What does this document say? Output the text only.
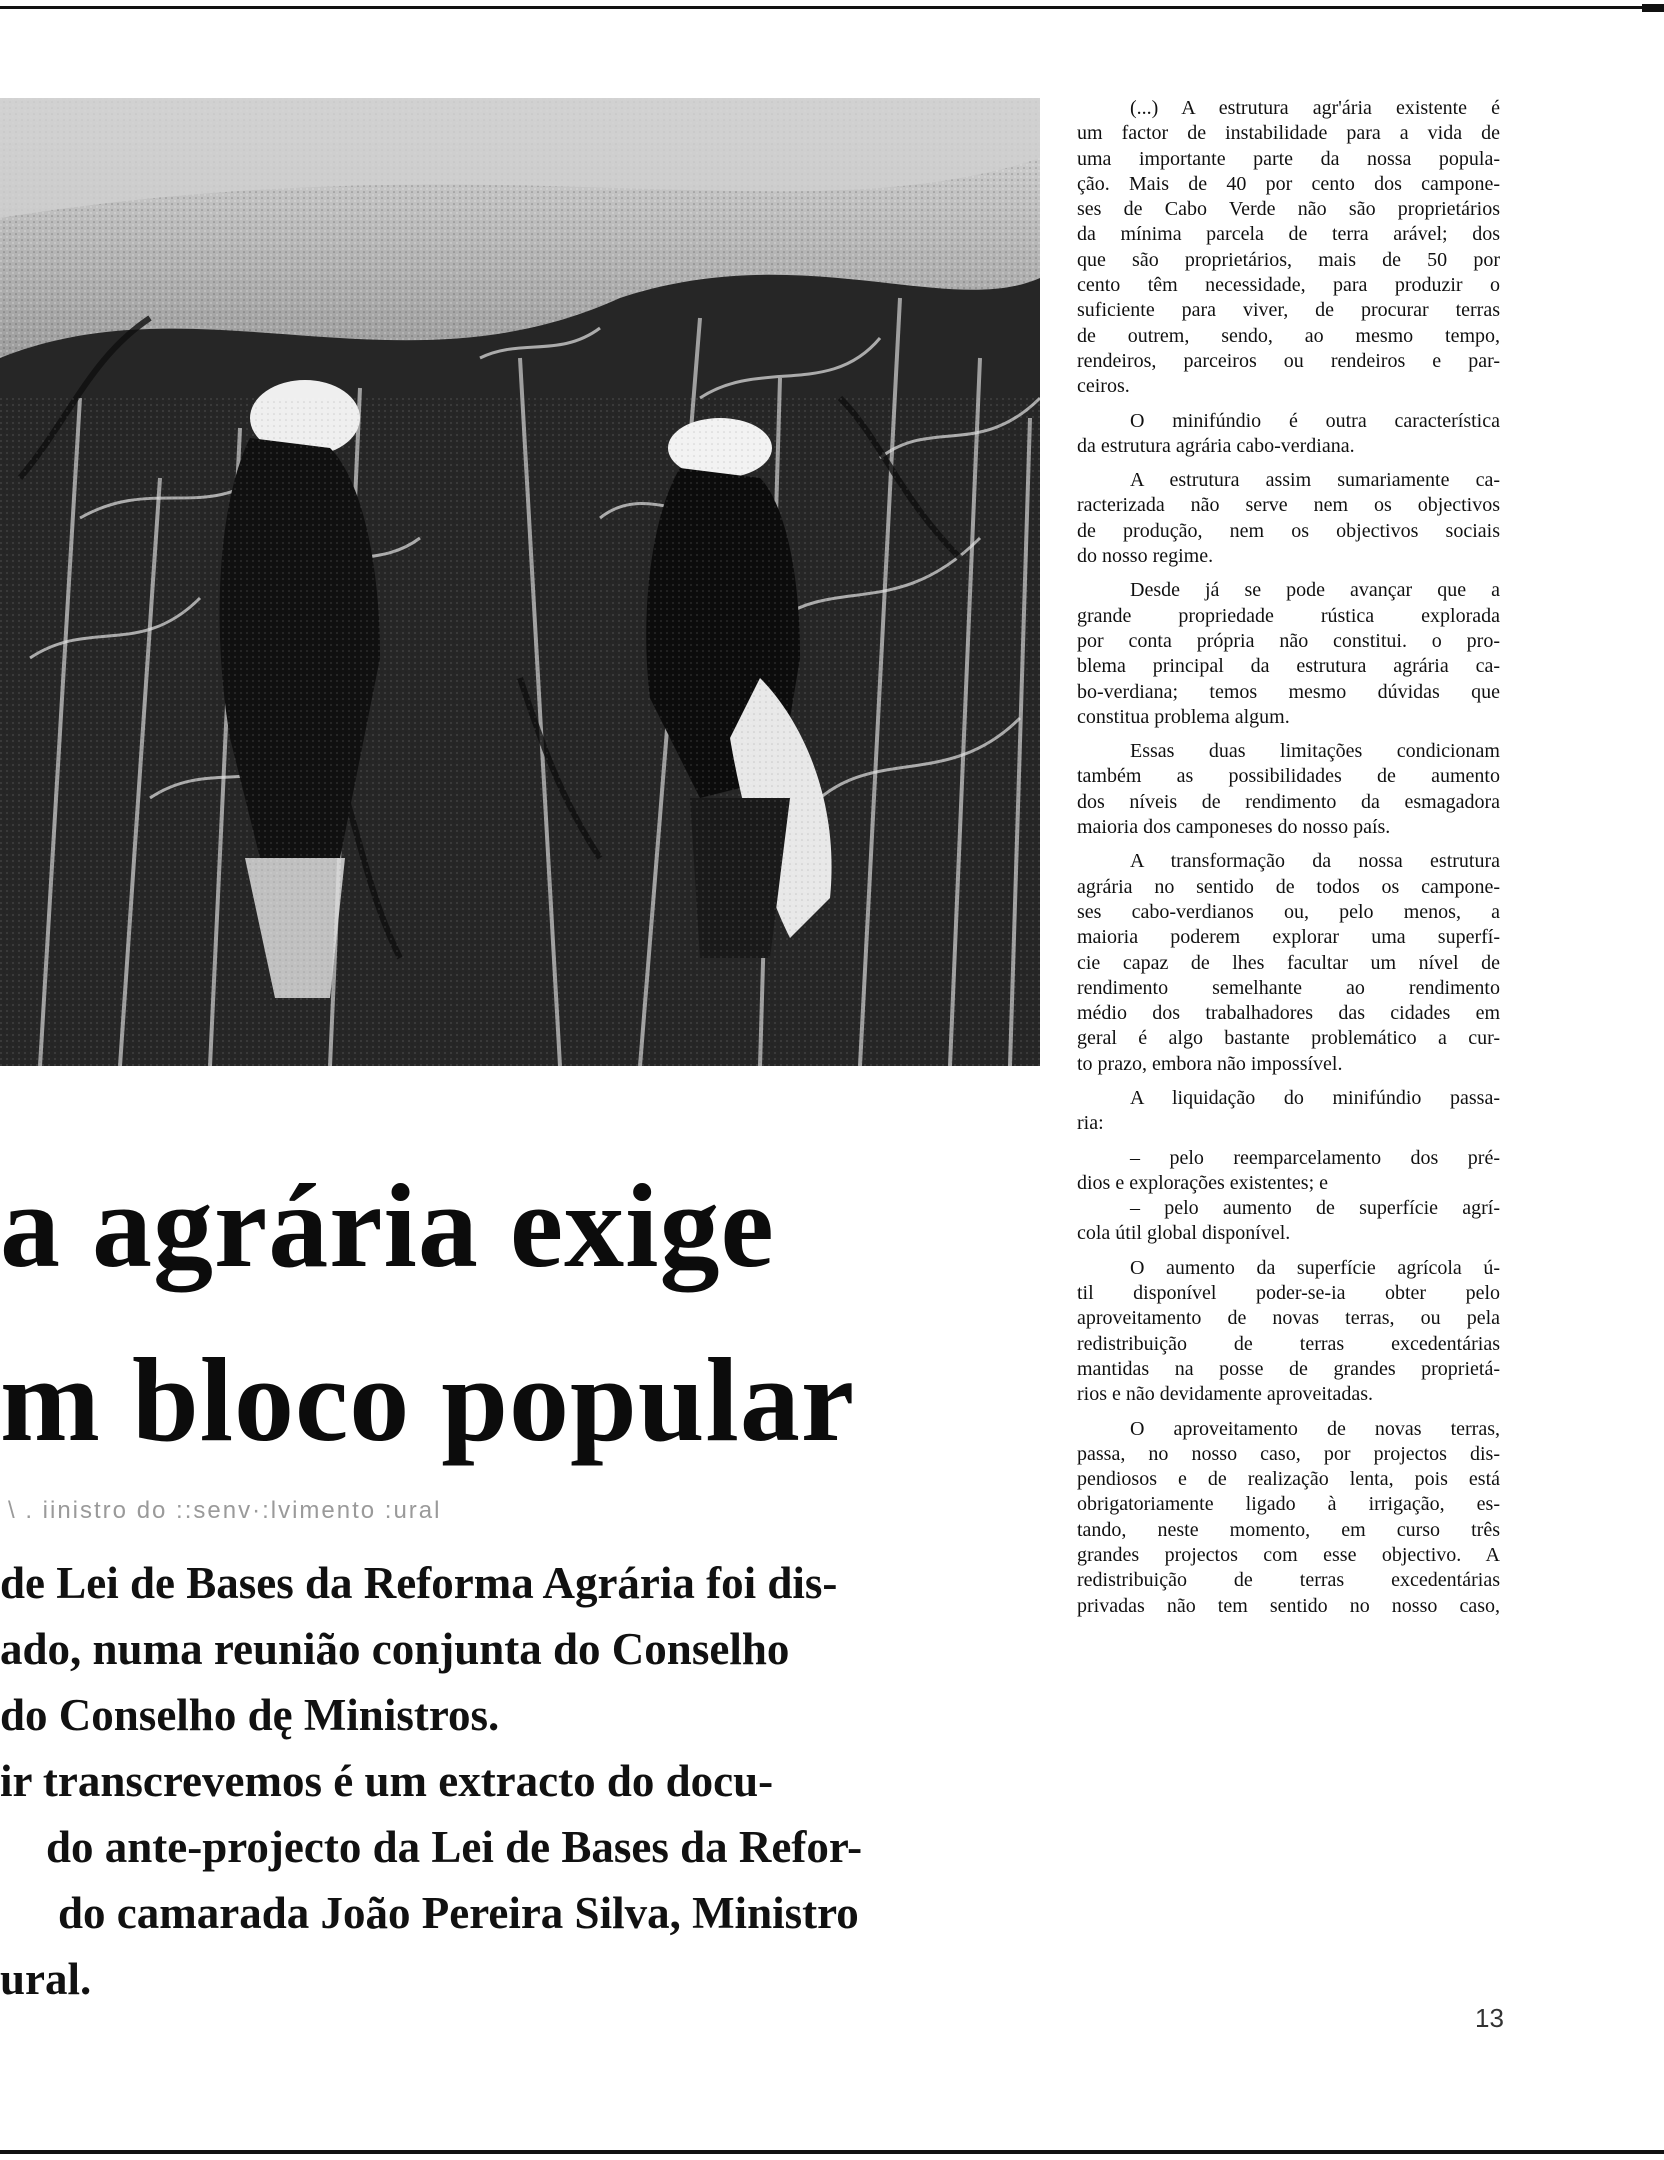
a agrária exige
m bloco popular

\ . iinistro do ::senv·:lvimento :ural

de Lei de Bases da Reforma Agrária foi dis-
ado, numa reunião conjunta do Conselho
do Conselho dę Ministros.
ir transcrevemos é um extracto do docu-
do ante-projecto da Lei de Bases da Refor-
do camarada João Pereira Silva, Ministro
ural.
(...) A estrutura agr'ária existente é
um factor de instabilidade para a vida de
uma importante parte da nossa popula-
ção. Mais de 40 por cento dos campone-
ses de Cabo Verde não são proprietários
da mínima parcela de terra arável; dos
que são proprietários, mais de 50 por
cento têm necessidade, para produzir o
suficiente para viver, de procurar terras
de outrem, sendo, ao mesmo tempo,
rendeiros, parceiros ou rendeiros e par-
ceiros.
O minifúndio é outra característica
da estrutura agrária cabo-verdiana.
A estrutura assim sumariamente ca-
racterizada não serve nem os objectivos
de produção, nem os objectivos sociais
do nosso regime.
Desde já se pode avançar que a
grande propriedade rústica explorada
por conta própria não constitui. o pro-
blema principal da estrutura agrária ca-
bo-verdiana; temos mesmo dúvidas que
constitua problema algum.
Essas duas limitações condicionam
também as possibilidades de aumento
dos níveis de rendimento da esmagadora
maioria dos camponeses do nosso país.
A transformação da nossa estrutura
agrária no sentido de todos os campone-
ses cabo-verdianos ou, pelo menos, a
maioria poderem explorar uma superfí-
cie capaz de lhes facultar um nível de
rendimento semelhante ao rendimento
médio dos trabalhadores das cidades em
geral é algo bastante problemático a cur-
to prazo, embora não impossível.
A liquidação do minifúndio passa-
ria:
– pelo reemparcelamento dos pré-
dios e explorações existentes; e
– pelo aumento de superfície agrí-
cola útil global disponível.
O aumento da superfície agrícola ú-
til disponível poder-se-ia obter pelo
aproveitamento de novas terras, ou pela
redistribuição de terras excedentárias
mantidas na posse de grandes proprietá-
rios e não devidamente aproveitadas.
O aproveitamento de novas terras,
passa, no nosso caso, por projectos dis-
pendiosos e de realização lenta, pois está
obrigatoriamente ligado à irrigação, es-
tando, neste momento, em curso três
grandes projectos com esse objectivo. A
redistribuição de terras excedentárias
privadas não tem sentido no nosso caso,

13
